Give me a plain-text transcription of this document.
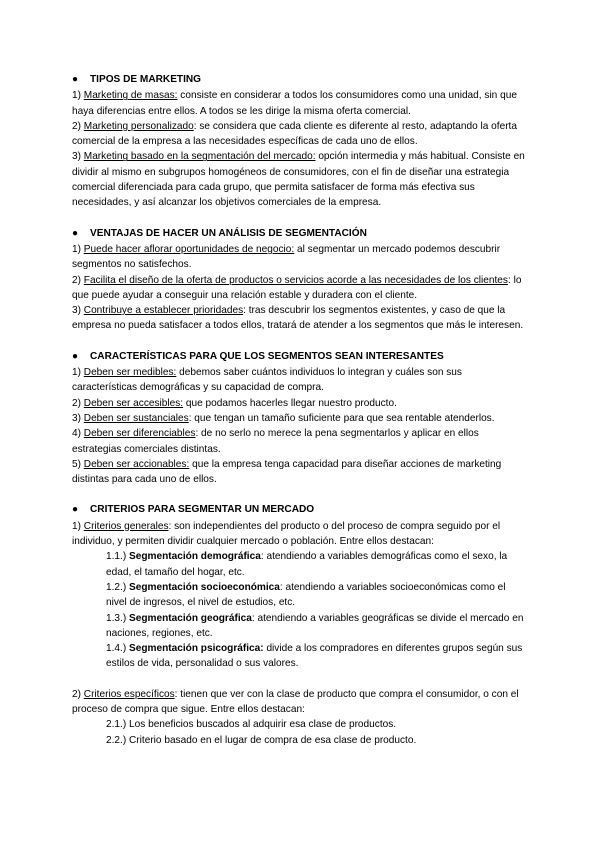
● TIPOS DE MARKETING

1) Marketing de masas: consiste en considerar a todos los consumidores como una unidad, sin que haya diferencias entre ellos. A todos se les dirige la misma oferta comercial.

2) Marketing personalizado: se considera que cada cliente es diferente al resto, adaptando la oferta comercial de la empresa a las necesidades específicas de cada uno de ellos.

3) Marketing basado en la segmentación del mercado: opción intermedia y más habitual. Consiste en dividir al mismo en subgrupos homogéneos de consumidores, con el fin de diseñar una estrategia comercial diferenciada para cada grupo, que permita satisfacer de forma más efectiva sus necesidades, y así alcanzar los objetivos comerciales de la empresa.

● VENTAJAS DE HACER UN ANÁLISIS DE SEGMENTACIÓN

1) Puede hacer aflorar oportunidades de negocio: al segmentar un mercado podemos descubrir segmentos no satisfechos.

2) Facilita el diseño de la oferta de productos o servicios acorde a las necesidades de los clientes: lo que puede ayudar a conseguir una relación estable y duradera con el cliente.

3) Contribuye a establecer prioridades: tras descubrir los segmentos existentes, y caso de que la empresa no pueda satisfacer a todos ellos, tratará de atender a los segmentos que más le interesen.

● CARACTERÍSTICAS PARA QUE LOS SEGMENTOS SEAN INTERESANTES

1) Deben ser medibles: debemos saber cuántos individuos lo integran y cuáles son sus características demográficas y su capacidad de compra.

2) Deben ser accesibles: que podamos hacerles llegar nuestro producto.

3) Deben ser sustanciales: que tengan un tamaño suficiente para que sea rentable atenderlos.

4) Deben ser diferenciables: de no serlo no merece la pena segmentarlos y aplicar en ellos estrategias comerciales distintas.

5) Deben ser accionables: que la empresa tenga capacidad para diseñar acciones de marketing distintas para cada uno de ellos.

● CRITERIOS PARA SEGMENTAR UN MERCADO

1) Criterios generales: son independientes del producto o del proceso de compra seguido por el individuo, y permiten dividir cualquier mercado o población. Entre ellos destacan:

1.1.) Segmentación demográfica: atendiendo a variables demográficas como el sexo, la edad, el tamaño del hogar, etc.

1.2.) Segmentación socioeconómica: atendiendo a variables socioeconómicas como el nivel de ingresos, el nivel de estudios, etc.

1.3.) Segmentación geográfica: atendiendo a variables geográficas se divide el mercado en naciones, regiones, etc.

1.4.) Segmentación psicográfica: divide a los compradores en diferentes grupos según sus estilos de vida, personalidad o sus valores.

2) Criterios específicos: tienen que ver con la clase de producto que compra el consumidor, o con el proceso de compra que sigue. Entre ellos destacan:

2.1.) Los beneficios buscados al adquirir esa clase de productos.

2.2.) Criterio basado en el lugar de compra de esa clase de producto.
